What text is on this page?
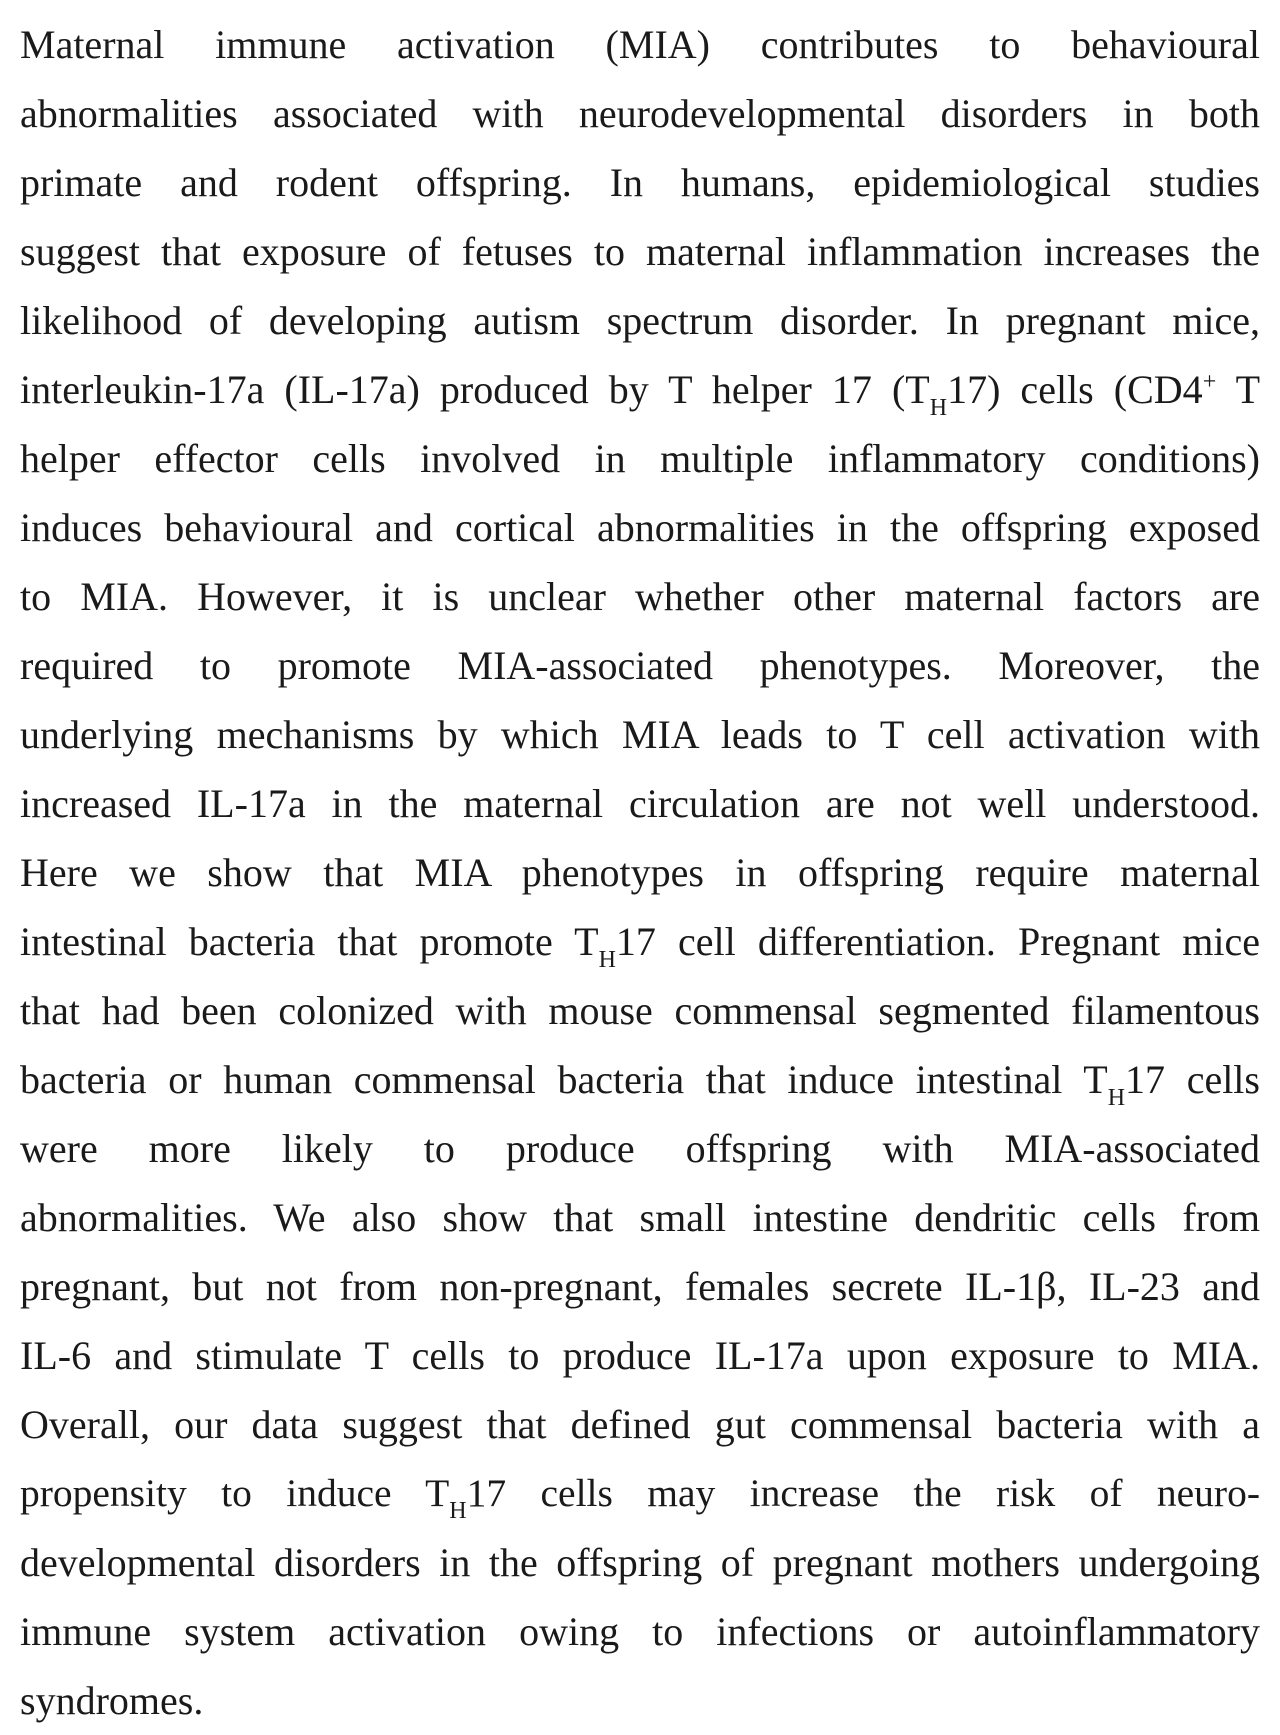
Maternal immune activation (MIA) contributes to behavioural
abnormalities associated with neurodevelopmental disorders in both
primate and rodent offspring. In humans, epidemiological studies
suggest that exposure of fetuses to maternal inflammation increases the
likelihood of developing autism spectrum disorder. In pregnant mice,
interleukin-17a (IL-17a) produced by T helper 17 $(T_H17)$ cells (CD4+ T
helper effector cells involved in multiple inflammatory conditions)
induces behavioural and cortical abnormalities in the offspring exposed
to MIA. However, it is unclear whether other maternal factors are
required to promote MIA-associated phenotypes. Moreover, the
underlying mechanisms by which MIA leads to T cell activation with
increased IL-17a in the maternal circulation are not well understood.
Here we show that MIA phenotypes in offspring require maternal
intestinal bacteria that promote $T_H17$ cell differentiation. Pregnant mice
that had been colonized with mouse commensal segmented filamentous
bacteria or human commensal bacteria that induce intestinal $T_H17$ cells
were more likely to produce offspring with MIA-associated
abnormalities. We also show that small intestine dendritic cells from
pregnant, but not from non-pregnant, females secrete IL-1β, IL-23 and
IL-6 and stimulate T cells to produce IL-17a upon exposure to MIA.
Overall, our data suggest that defined gut commensal bacteria with a
propensity to induce $T_H17$ cells may increase the risk of neuro-
developmental disorders in the offspring of pregnant mothers undergoing
immune system activation owing to infections or autoinflammatory
syndromes.
